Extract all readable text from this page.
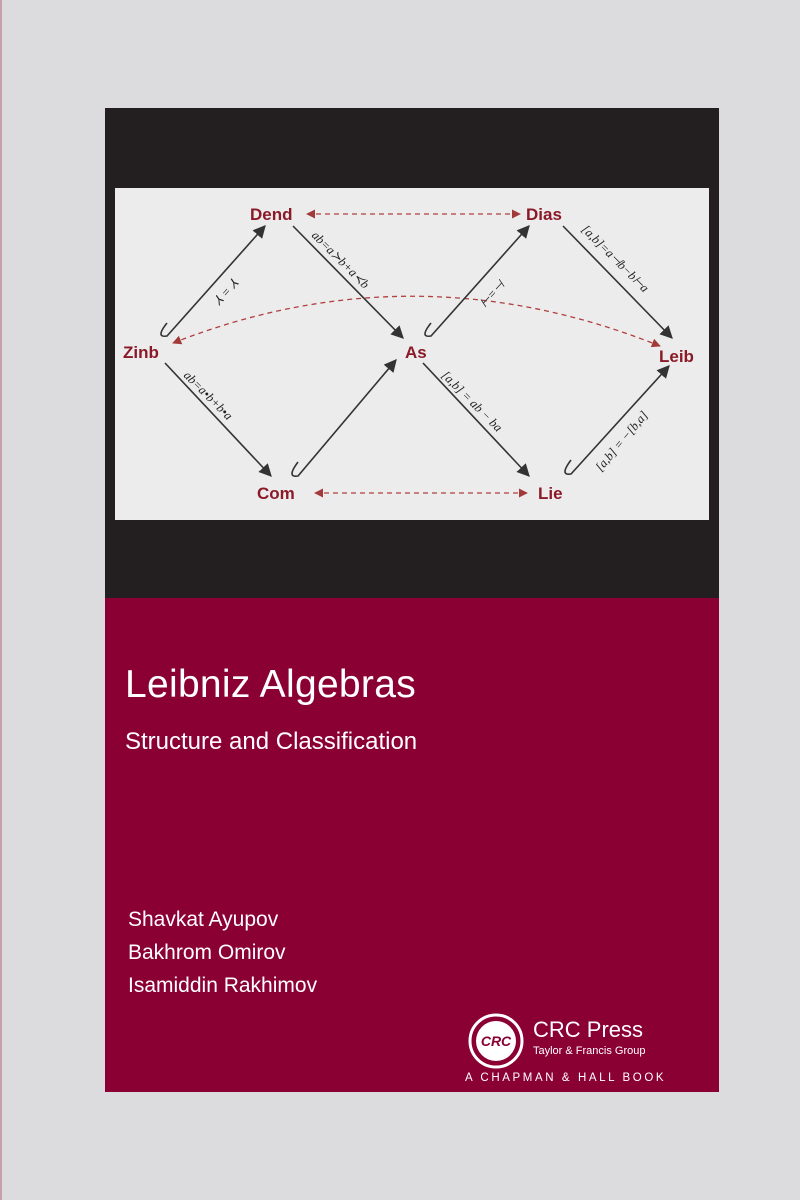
⅄ = ⅄
ab=a≻b+a≺b
⊢=⊣	[a,b]=a⊣b−b⊢a
ab=a•b+b•a	[a,b] = ab − ba
[a,b] = −[b,a]
Dend	Dias
Zinb	As	Leib
Com	Lie
Leibniz Algebras
Structure and Classification
Shavkat Ayupov
Bakhrom Omirov
Isamiddin Rakhimov
CRC CRC Press
Taylor & Francis Group
A CHAPMAN & HALL BOOK
